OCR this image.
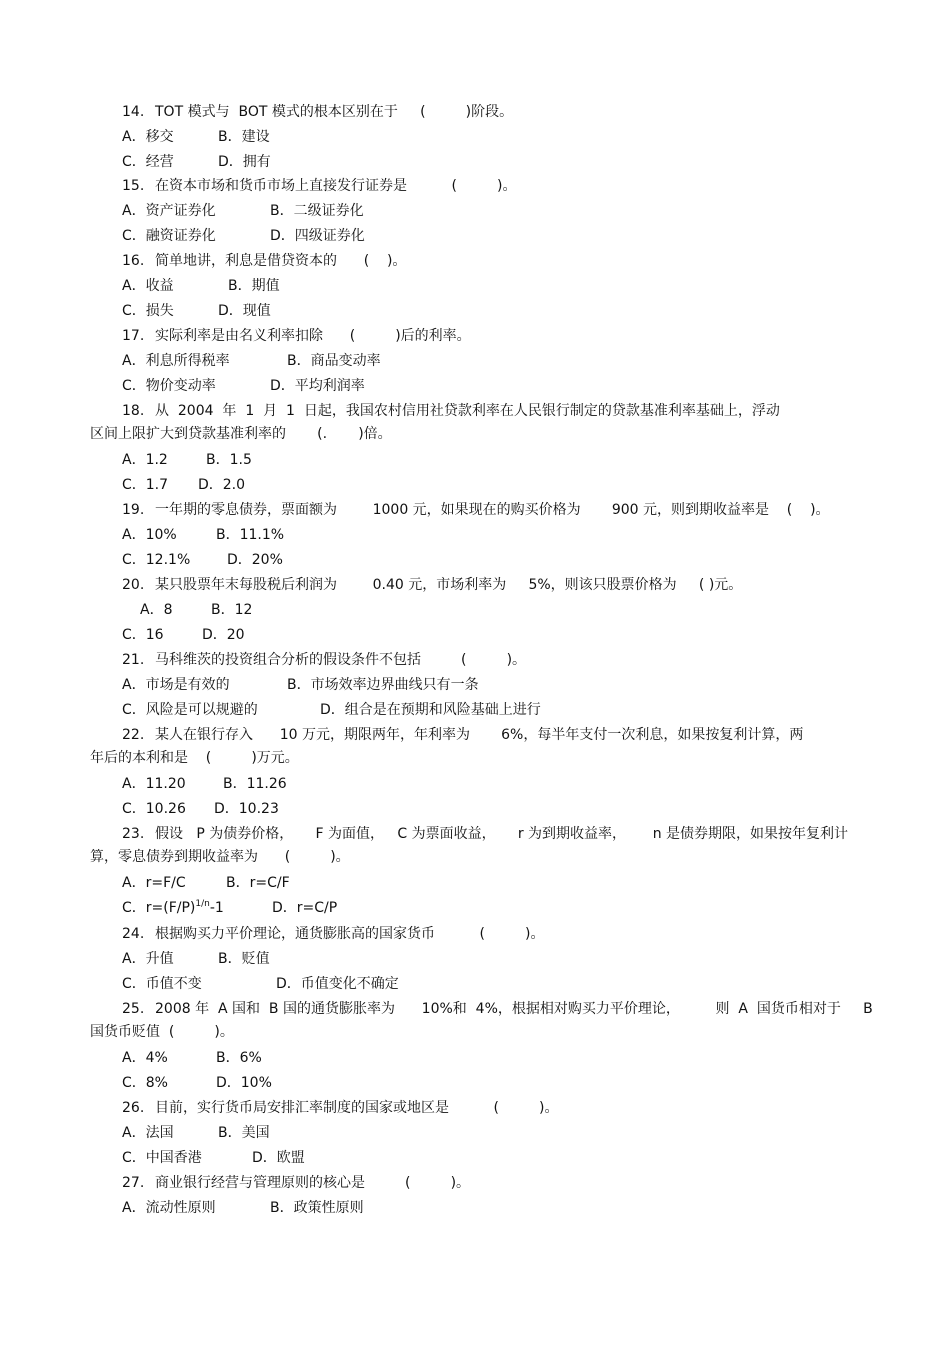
14. TOT 模式与  BOT 模式的根本区别在于     (         )阶段。
A．移交	B．建设
C．经营	D．拥有
15. 在资本市场和货币市场上直接发行证券是          (         )。
A．资产证券化	B．二级证券化
C．融资证券化	D．四级证券化
16. 简单地讲，利息是借贷资本的      (    )。
A．收益	B．期值
C．损失	D．现值
17. 实际利率是由名义利率扣除      (         )后的利率。
A．利息所得税率	B．商品变动率
C．物价变动率	D．平均利润率
18. 从  2004  年  1  月  1  日起，我国农村信用社贷款利率在人民银行制定的贷款基准利率基础上，浮动
区间上限扩大到贷款基准利率的       (.       )倍。
A．1.2	B．1.5
C．1.7 D．2.0
19. 一年期的零息债券，票面额为        1000 元，如果现在的购买价格为       900 元，则到期收益率是    (    )。
A．10%	B．11.1%
C．12.1%	D．20%
20. 某只股票年末每股税后利润为        0.40 元，市场利率为     5%，则该只股票价格为     ( )元。
A．8	B．12
C．16	D．20
21. 马科维茨的投资组合分析的假设条件不包括         (         )。
A．市场是有效的	B．市场效率边界曲线只有一条
C．风险是可以规避的	D．组合是在预期和风险基础上进行
22. 某人在银行存入      10 万元，期限两年，年利率为       6%，每半年支付一次利息，如果按复利计算，两
年后的本利和是    (         )万元。
A．11.20	B．11.26
C．10.26 D．10.23
23. 假设   P 为债券价格，     F 为面值，   C 为票面收益，     r 为到期收益率，      n 是债券期限，如果按年复利计
算，零息债券到期收益率为      (         )。
A．r=F/C	B．r=C/F
C．$r=(F/P)^{1/n}-1$	D．r=C/P
24. 根据购买力平价理论，通货膨胀高的国家货币          (         )。
A．升值	B．贬值
C．币值不变	D．币值变化不确定
25. 2008 年  A 国和  B 国的通货膨胀率为      10%和  4%，根据相对购买力平价理论，        则  A  国货币相对于     B
国货币贬值  (         )。
A．4%	B．6%
C．8%	D．10%
26. 目前，实行货币局安排汇率制度的国家或地区是          (         )。
A．法国	B．美国
C．中国香港	D．欧盟
27. 商业银行经营与管理原则的核心是         (         )。
A．流动性原则	B．政策性原则
